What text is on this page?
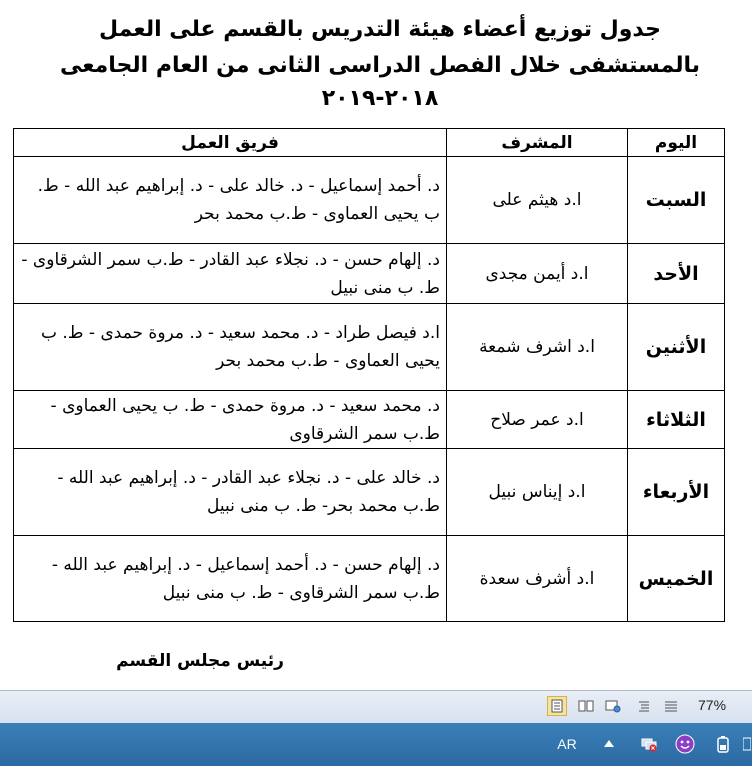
جدول توزيع أعضاء هيئة التدريس بالقسم على العمل
بالمستشفى خلال الفصل الدراسى الثانى من العام الجامعى
٢٠١٨-٢٠١٩
اليوم	المشرف	فريق العمل
السبت	ا.د هيثم على	د. أحمد إسماعيل - د. خالد على - د. إبراهيم عبد الله - ط. ب يحيى العماوى - ط.ب محمد بحر
الأحد	ا.د أيمن مجدى	د. إلهام حسن - د. نجلاء عبد القادر - ط.ب سمر الشرقاوى - ط. ب منى نبيل
الأثنين	ا.د اشرف شمعة	ا.د فيصل طراد - د. محمد سعيد - د. مروة حمدى - ط. ب يحيى العماوى - ط.ب محمد بحر
الثلاثاء	ا.د عمر صلاح	د. محمد سعيد - د. مروة حمدى - ط. ب يحيى العماوى - ط.ب سمر الشرقاوى
الأربعاء	ا.د إيناس نبيل	د. خالد على - د. نجلاء عبد القادر - د. إبراهيم عبد الله - ط.ب محمد بحر- ط. ب منى نبيل
الخميس	ا.د أشرف سعدة	د. إلهام حسن - د. أحمد إسماعيل - د. إبراهيم عبد الله - ط.ب سمر الشرقاوى - ط. ب منى نبيل
رئيس مجلس القسم
77%
AR
